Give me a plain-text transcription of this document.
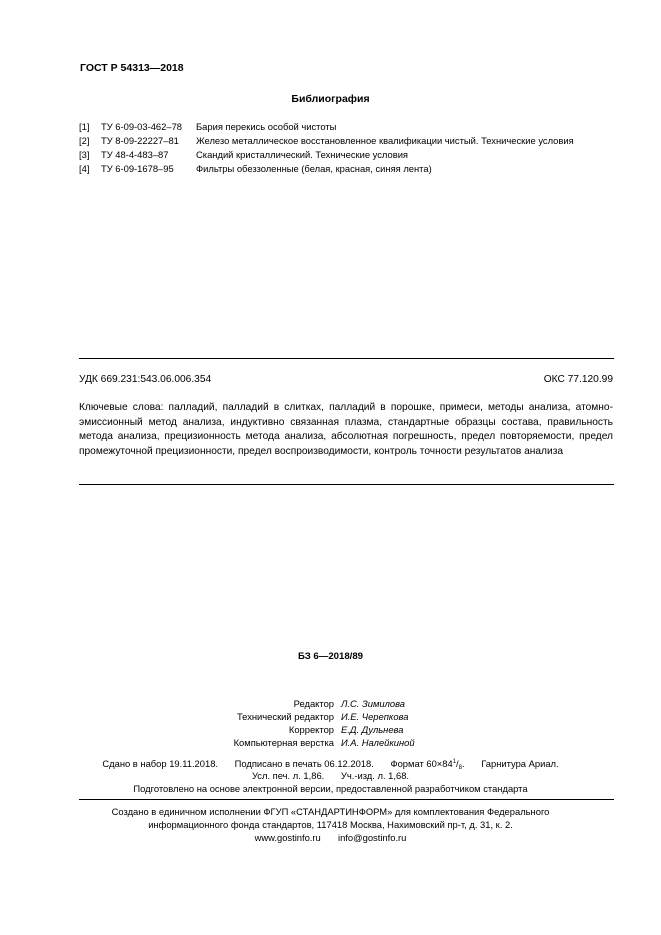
ГОСТ Р 54313—2018
Библиография
[1] ТУ 6-09-03-462–78 Бария перекись особой чистоты
[2] ТУ 8-09-22227–81 Железо металлическое восстановленное квалификации чистый. Технические условия
[3] ТУ 48-4-483–87	Скандий кристаллический. Технические условия
[4] ТУ 6-09-1678–95 Фильтры обеззоленные (белая, красная, синяя лента)
УДК 669.231:543.06.006.354	ОКС 77.120.99
Ключевые слова: палладий, палладий в слитках, палладий в порошке, примеси, методы анализа, атомно-эмиссионный метод анализа, индуктивно связанная плазма, стандартные образцы состава, правильность метода анализа, прецизионность метода анализа, абсолютная погрешность, предел повторяемости, предел промежуточной прецизионности, предел воспроизводимости, контроль точности результатов анализа
БЗ 6—2018/89
Редактор Л.С. Зимилова
Технический редактор И.Е. Черепкова
Корректор Е.Д. Дульнева
Компьютерная верстка И.А. Налейкиной
Сдано в набор 19.11.2018. Подписано в печать 06.12.2018. Формат 60×841/8. Гарнитура Ариал.
Усл. печ. л. 1,86. Уч.-изд. л. 1,68.
Подготовлено на основе электронной версии, предоставленной разработчиком стандарта
Создано в единичном исполнении ФГУП «СТАНДАРТИНФОРМ» для комплектования Федерального
информационного фонда стандартов, 117418 Москва, Нахимовский пр-т, д. 31, к. 2.
www.gostinfo.ru info@gostinfo.ru
